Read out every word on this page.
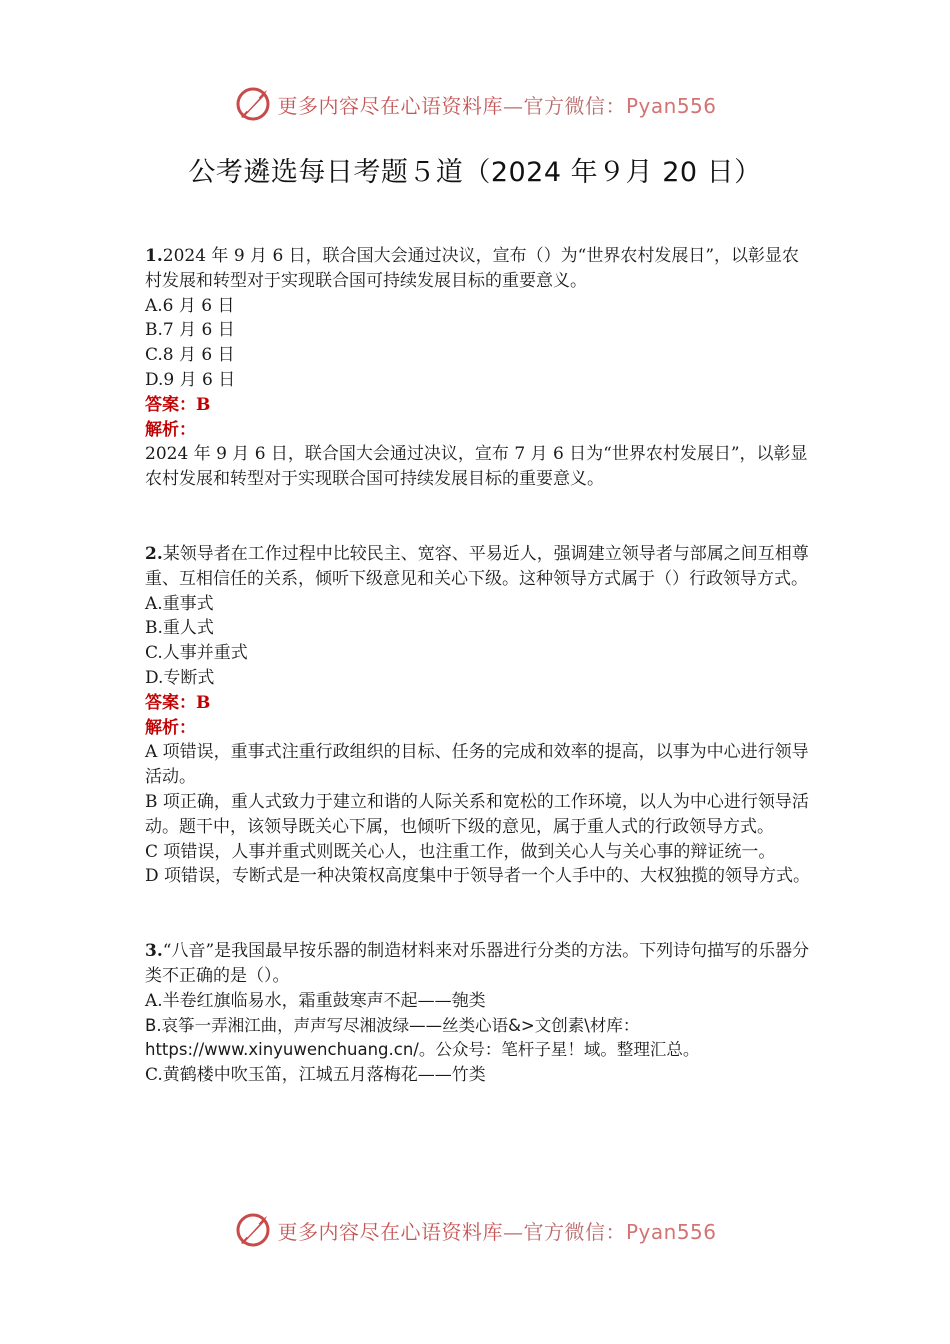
更多内容尽在心语资料库—官方微信：Pyan556
公考遴选每日考题５道（2024 年９月 20 日）

1.2024 年 9 月 6 日，联合国大会通过决议，宣布（）为“世界农村发展日”，以彰显农村发展和转型对于实现联合国可持续发展目标的重要意义。

A.6 月 6 日

B.7 月 6 日

C.8 月 6 日

D.9 月 6 日

答案：B

解析：

2024 年 9 月 6 日，联合国大会通过决议，宣布 7 月 6 日为“世界农村发展日”，以彰显农村发展和转型对于实现联合国可持续发展目标的重要意义。

2.某领导者在工作过程中比较民主、宽容、平易近人，强调建立领导者与部属之间互相尊重、互相信任的关系，倾听下级意见和关心下级。这种领导方式属于（）行政领导方式。

A.重事式

B.重人式

C.人事并重式

D.专断式

答案：B

解析：

A 项错误，重事式注重行政组织的目标、任务的完成和效率的提高，以事为中心进行领导活动。

B 项正确，重人式致力于建立和谐的人际关系和宽松的工作环境，以人为中心进行领导活动。题干中，该领导既关心下属，也倾听下级的意见，属于重人式的行政领导方式。

C 项错误，人事并重式则既关心人，也注重工作，做到关心人与关心事的辩证统一。

D 项错误，专断式是一种决策权高度集中于领导者一个人手中的、大权独揽的领导方式。

3.“八音”是我国最早按乐器的制造材料来对乐器进行分类的方法。下列诗句描写的乐器分类不正确的是（）。

A.半卷红旗临易水，霜重鼓寒声不起——匏类

B.哀筝一弄湘江曲，声声写尽湘波绿——丝类心语&>文创素\材库：https://www.xinyuwenchuang.cn/。公众号：笔杆子星！域。整理汇总。

C.黄鹤楼中吹玉笛，江城五月落梅花——竹类

更多内容尽在心语资料库—官方微信：Pyan556
